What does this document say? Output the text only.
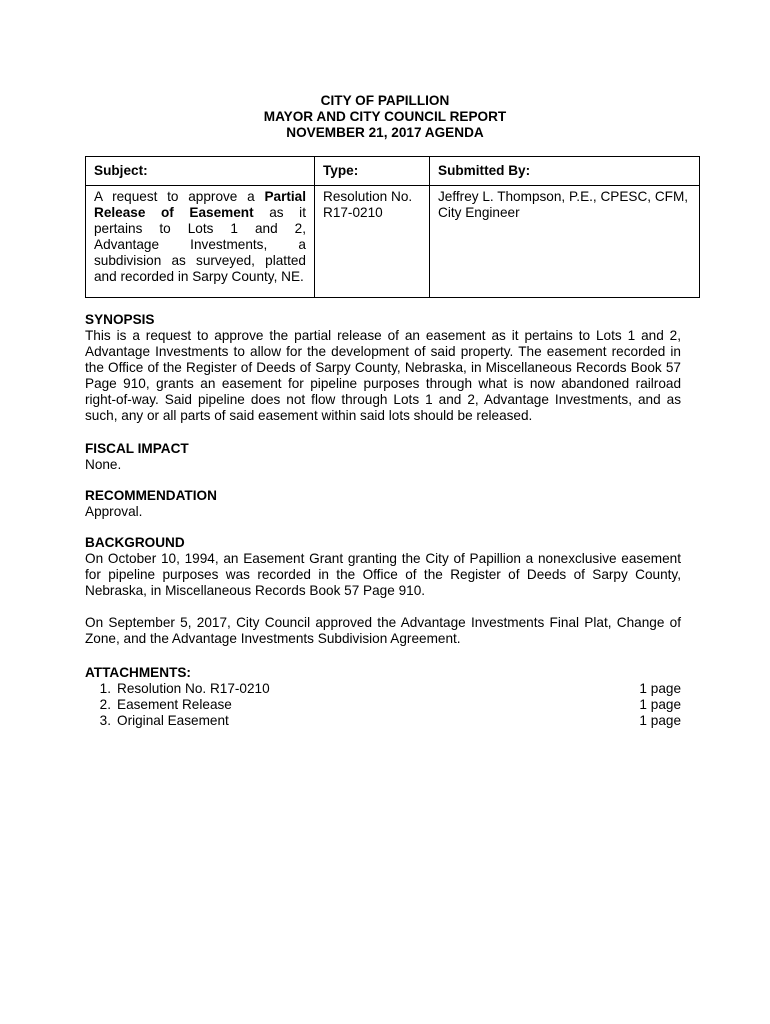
CITY OF PAPILLION
MAYOR AND CITY COUNCIL REPORT
NOVEMBER 21, 2017 AGENDA
Subject:	Type:	Submitted By:
A request to approve a Partial Release of Easement as it pertains to Lots 1 and 2, Advantage Investments, a subdivision as surveyed, platted and recorded in Sarpy County, NE.	Resolution No. R17-0210	Jeffrey L. Thompson, P.E., CPESC, CFM, City Engineer
SYNOPSIS

This is a request to approve the partial release of an easement as it pertains to Lots 1 and 2, Advantage Investments to allow for the development of said property. The easement recorded in the Office of the Register of Deeds of Sarpy County, Nebraska, in Miscellaneous Records Book 57 Page 910, grants an easement for pipeline purposes through what is now abandoned railroad right-of-way. Said pipeline does not flow through Lots 1 and 2, Advantage Investments, and as such, any or all parts of said easement within said lots should be released.

FISCAL IMPACT

None.

RECOMMENDATION

Approval.

BACKGROUND

On October 10, 1994, an Easement Grant granting the City of Papillion a nonexclusive easement for pipeline purposes was recorded in the Office of the Register of Deeds of Sarpy County, Nebraska, in Miscellaneous Records Book 57 Page 910.

On September 5, 2017, City Council approved the Advantage Investments Final Plat, Change of Zone, and the Advantage Investments Subdivision Agreement.

ATTACHMENTS:
1. Resolution No. R17-0210	1 page
2. Easement Release	1 page
3. Original Easement	1 page
